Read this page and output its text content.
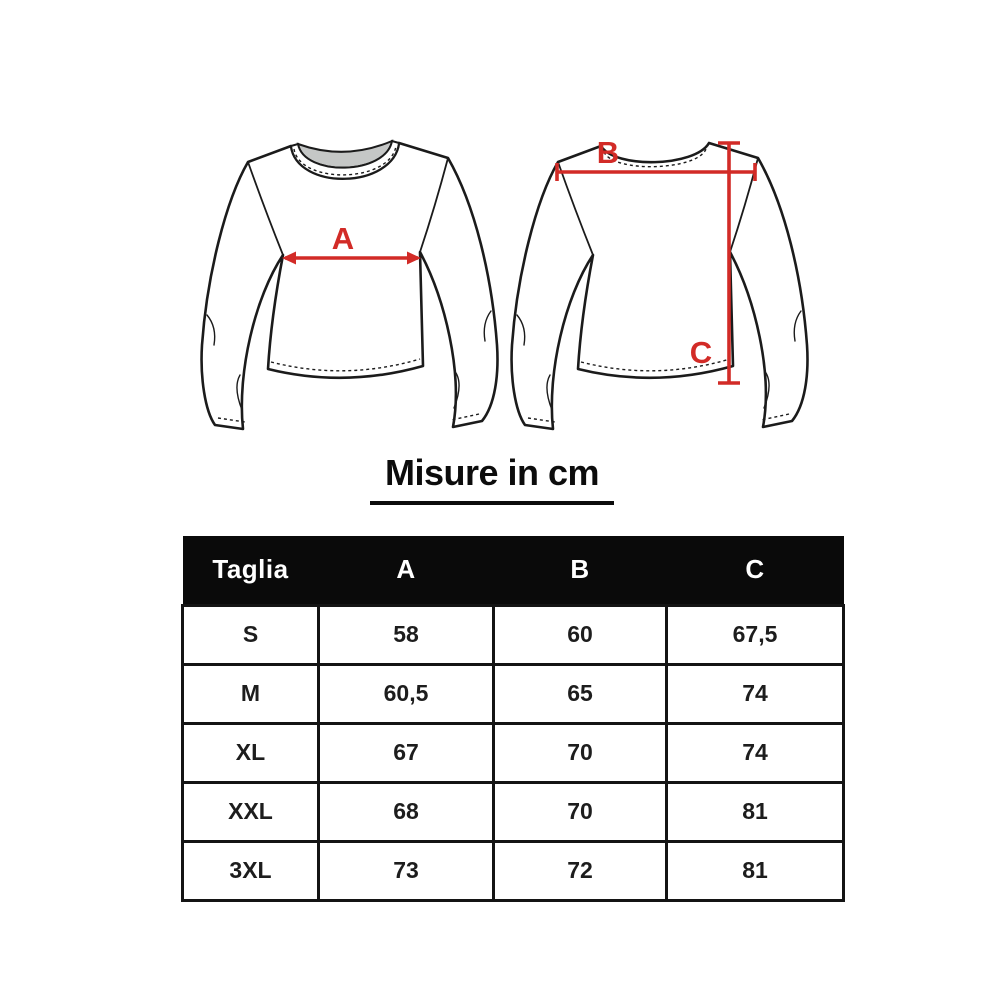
A
B
C
Misure in cm
Taglia	A	B	C
S	58	60	67,5
M	60,5	65	74
XL	67	70	74
XXL	68	70	81
3XL	73	72	81
